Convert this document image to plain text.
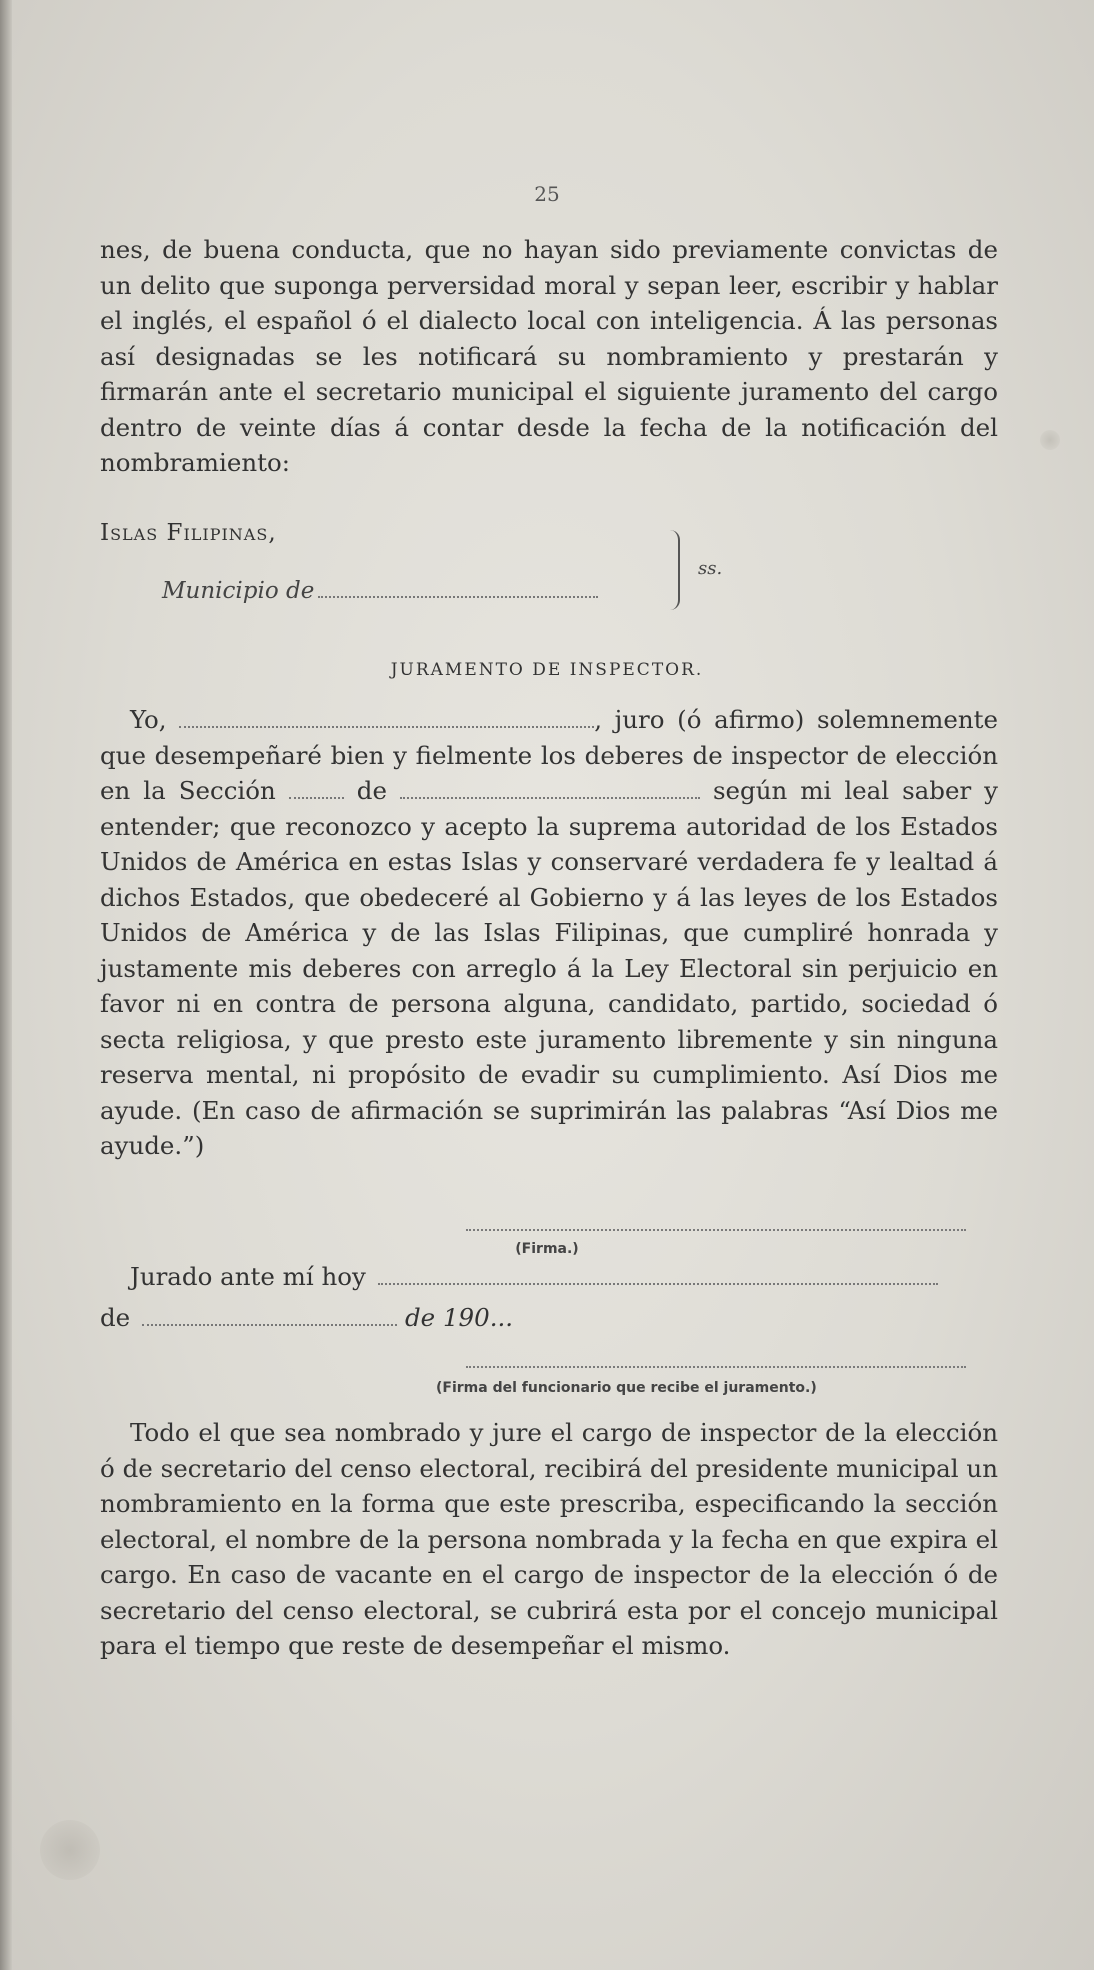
25

nes, de buena conducta, que no hayan sido previamente convictas de un delito que suponga perversidad moral y sepan leer, escribir y hablar el inglés, el español ó el dialecto local con inteligencia. Á las personas así designadas se les notificará su nombramiento y prestarán y firmarán ante el secretario municipal el siguiente juramento del cargo dentro de veinte días á contar desde la fecha de la notificación del nombramiento:

Islas Filipinas,
Municipio de
ss.
JURAMENTO DE INSPECTOR.

Yo,	, juro (ó afirmo) solemnemente que desempeñaré bien y fielmente los deberes de inspector de elección en la Sección	de	según mi leal saber y entender; que reconozco y acepto la suprema autoridad de los Estados Unidos de América en estas Islas y conservaré verdadera fe y lealtad á dichos Estados, que obedeceré al Gobierno y á las leyes de los Estados Unidos de América y de las Islas Filipinas, que cumpliré honrada y justamente mis deberes con arreglo á la Ley Electoral sin perjuicio en favor ni en contra de persona alguna, candidato, partido, sociedad ó secta religiosa, y que presto este juramento libremente y sin ninguna reserva mental, ni propósito de evadir su cumplimiento. Así Dios me ayude. (En caso de afirmación se suprimirán las palabras “Así Dios me ayude.”)

(Firma.)
Jurado ante mí hoy
de	de 190...
(Firma del funcionario que recibe el juramento.)

Todo el que sea nombrado y jure el cargo de inspector de la elección ó de secretario del censo electoral, recibirá del presidente municipal un nombramiento en la forma que este prescriba, especificando la sección electoral, el nombre de la persona nombrada y la fecha en que expira el cargo. En caso de vacante en el cargo de inspector de la elección ó de secretario del censo electoral, se cubrirá esta por el concejo municipal para el tiempo que reste de desempeñar el mismo.
